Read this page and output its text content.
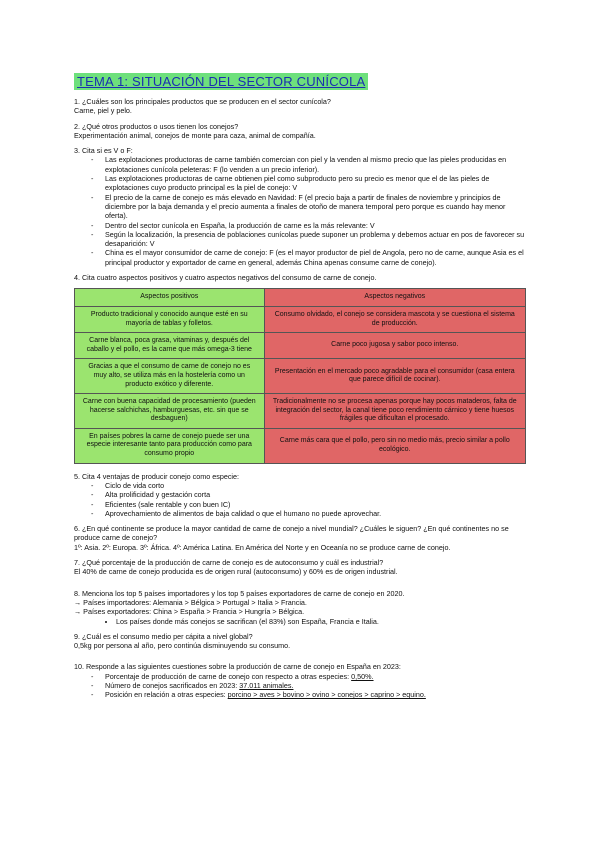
TEMA 1: SITUACIÓN DEL SECTOR CUNÍCOLA

1. ¿Cuáles son los principales productos que se producen en el sector cunícola?

Carne, piel y pelo.

2. ¿Qué otros productos o usos tienen los conejos?

Experimentación animal, conejos de monte para caza, animal de compañía.

3. Cita si es V o F:

- Las explotaciones productoras de carne también comercian con piel y la venden al mismo precio que las pieles producidas en explotaciones cunícola peleteras: F (lo venden a un precio inferior).
- Las explotaciones productoras de carne obtienen piel como subproducto pero su precio es menor que el de las pieles de explotaciones cuyo producto principal es la piel de conejo: V
- El precio de la carne de conejo es más elevado en Navidad: F (el precio baja a partir de finales de noviembre y principios de diciembre por la baja demanda y el precio aumenta a finales de otoño de manera temporal pero porque es cuando hay menor oferta).
- Dentro del sector cunícola en España, la producción de carne es la más relevante: V
- Según la localización, la presencia de poblaciones cunícolas puede suponer un problema y debemos actuar en pos de favorecer su desaparición: V
- China es el mayor consumidor de carne de conejo: F (es el mayor productor de piel de Angola, pero no de carne, aunque Asia es el principal productor y exportador de carne en general, además China apenas consume carne de conejo).

4. Cita cuatro aspectos positivos y cuatro aspectos negativos del consumo de carne de conejo.

Aspectos positivos	Aspectos negativos
Producto tradicional y conocido aunque esté en su mayoría de tablas y folletos.	Consumo olvidado, el conejo se considera mascota y se cuestiona el sistema de producción.
Carne blanca, poca grasa, vitaminas y, después del caballo y el pollo, es la carne que más omega-3 tiene	Carne poco jugosa y sabor poco intenso.
Gracias a que el consumo de carne de conejo no es muy alto, se utiliza más en la hostelería como un producto exótico y diferente.	Presentación en el mercado poco agradable para el consumidor (casa entera que parece difícil de cocinar).
Carne con buena capacidad de procesamiento (pueden hacerse salchichas, hamburguesas, etc. sin que se desbaguen)	Tradicionalmente no se procesa apenas porque hay pocos mataderos, falta de integración del sector, la canal tiene poco rendimiento cárnico y tiene huesos frágiles que dificultan el procesado.
En países pobres la carne de conejo puede ser una especie interesante tanto para producción como para consumo propio	Carne más cara que el pollo, pero sin no medio más, precio similar a pollo ecológico.

5. Cita 4 ventajas de producir conejo como especie:

- Ciclo de vida corto
- Alta prolificidad y gestación corta
- Eficientes (sale rentable y con buen IC)
- Aprovechamiento de alimentos de baja calidad o que el humano no puede aprovechar.

6. ¿En qué continente se produce la mayor cantidad de carne de conejo a nivel mundial? ¿Cuáles le siguen? ¿En qué continentes no se produce carne de conejo?

1º: Asia. 2º: Europa. 3º: África. 4º: América Latina. En América del Norte y en Oceanía no se produce carne de conejo.

7. ¿Qué porcentaje de la producción de carne de conejo es de autoconsumo y cuál es industrial?

El 40% de carne de conejo producida es de origen rural (autoconsumo) y 60% es de origen industrial.

8. Menciona los top 5 países importadores y los top 5 países exportadores de carne de conejo en 2020.

→ Países importadores: Alemania > Bélgica > Portugal > Italia > Francia.

→ Países exportadores: China > España > Francia > Hungría > Bélgica.

• Los países donde más conejos se sacrifican (el 83%) son España, Francia e Italia.

9. ¿Cuál es el consumo medio per cápita a nivel global?

0,5kg por persona al año, pero continúa disminuyendo su consumo.

10. Responde a las siguientes cuestiones sobre la producción de carne de conejo en España en 2023:

- Porcentaje de producción de carne de conejo con respecto a otras especies: 0,50%.
- Número de conejos sacrificados en 2023: 37.011 animales.
- Posición en relación a otras especies: porcino > aves > bovino > ovino > conejos > caprino > equino.
